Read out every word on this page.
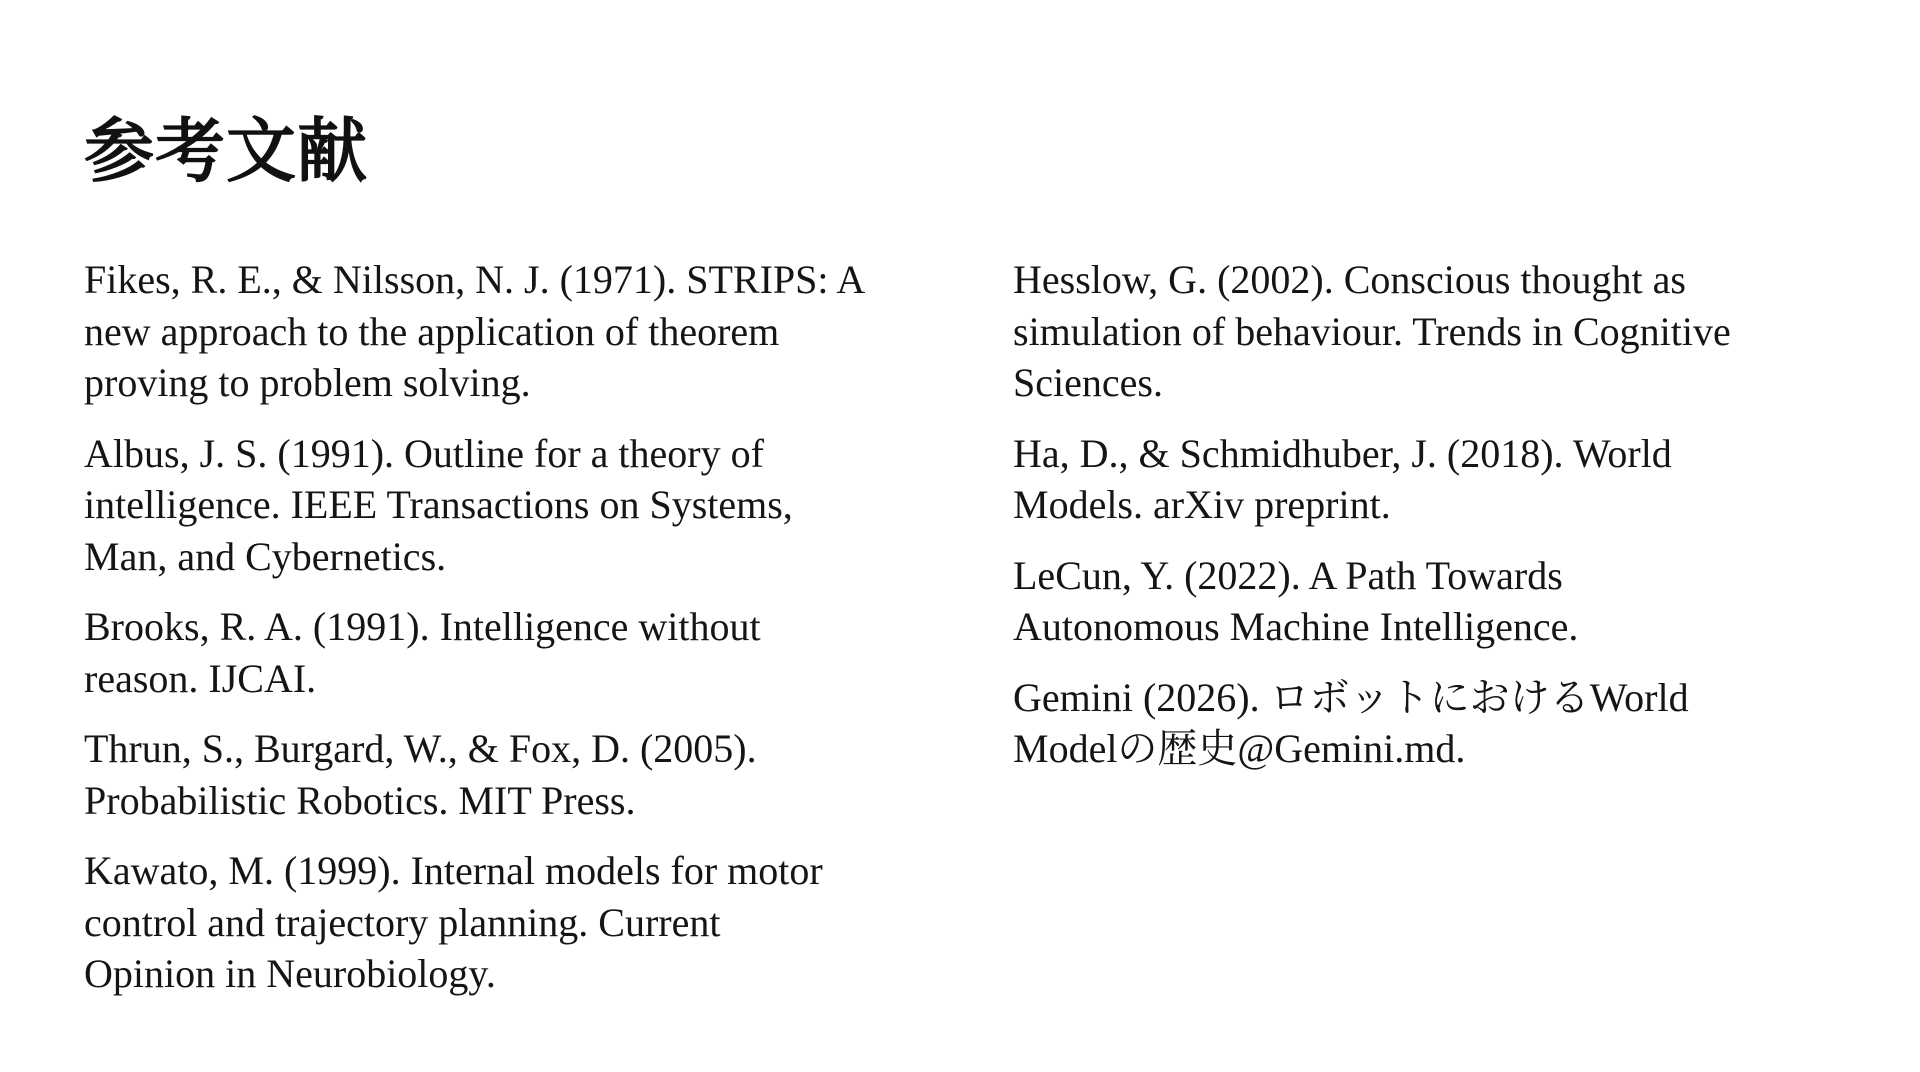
参考文献
Fikes, R. E., & Nilsson, N. J. (1971). STRIPS: A
new approach to the application of theorem
proving to problem solving.
Albus, J. S. (1991). Outline for a theory of
intelligence. IEEE Transactions on Systems,
Man, and Cybernetics.
Brooks, R. A. (1991). Intelligence without
reason. IJCAI.
Thrun, S., Burgard, W., & Fox, D. (2005).
Probabilistic Robotics. MIT Press.
Kawato, M. (1999). Internal models for motor
control and trajectory planning. Current
Opinion in Neurobiology.
Hesslow, G. (2002). Conscious thought as
simulation of behaviour. Trends in Cognitive
Sciences.
Ha, D., & Schmidhuber, J. (2018). World
Models. arXiv preprint.
LeCun, Y. (2022). A Path Towards
Autonomous Machine Intelligence.
Gemini (2026). ロボットにおけるWorld
Modelの歴史@Gemini.md.
